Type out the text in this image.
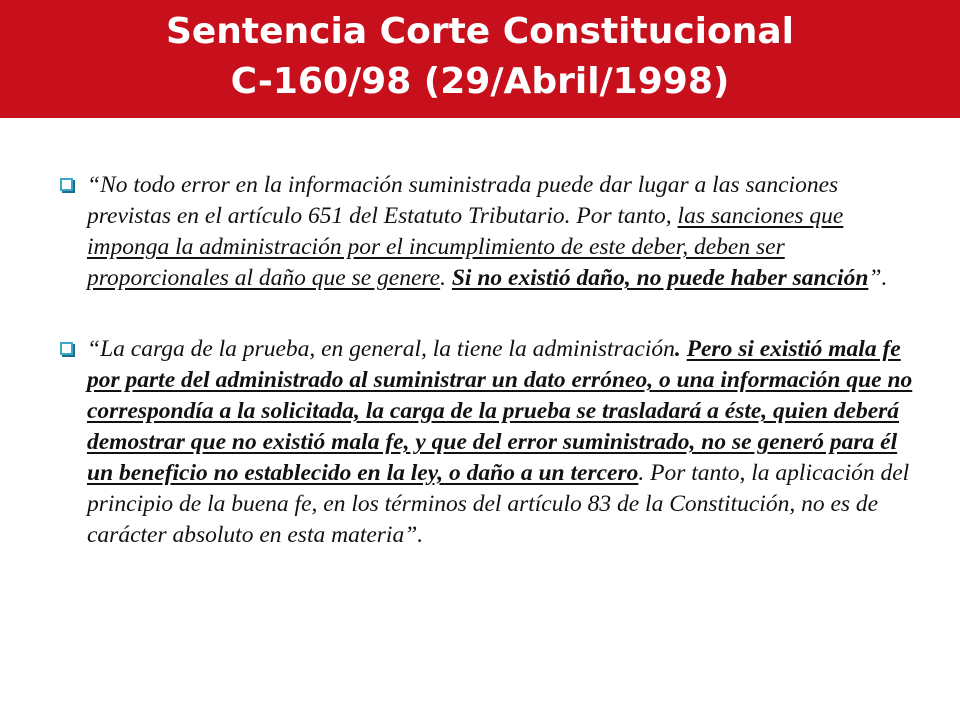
Sentencia Corte Constitucional
C-160/98 (29/Abril/1998)
“No todo error en la información suministrada puede dar lugar a las sanciones previstas en el artículo 651 del Estatuto Tributario. Por tanto, las sanciones que imponga la administración por el incumplimiento de este deber, deben ser proporcionales al daño que se genere. Si no existió daño, no puede haber sanción”.
“La carga de la prueba, en general, la tiene la administración. Pero si existió mala fe por parte del administrado al suministrar un dato erróneo, o una información que no correspondía a la solicitada, la carga de la prueba se trasladará a éste, quien deberá demostrar que no existió mala fe, y que del error suministrado, no se generó para él un beneficio no establecido en la ley, o daño a un tercero. Por tanto, la aplicación del principio de la buena fe, en los términos del artículo 83 de la Constitución, no es de carácter absoluto en esta materia”.
